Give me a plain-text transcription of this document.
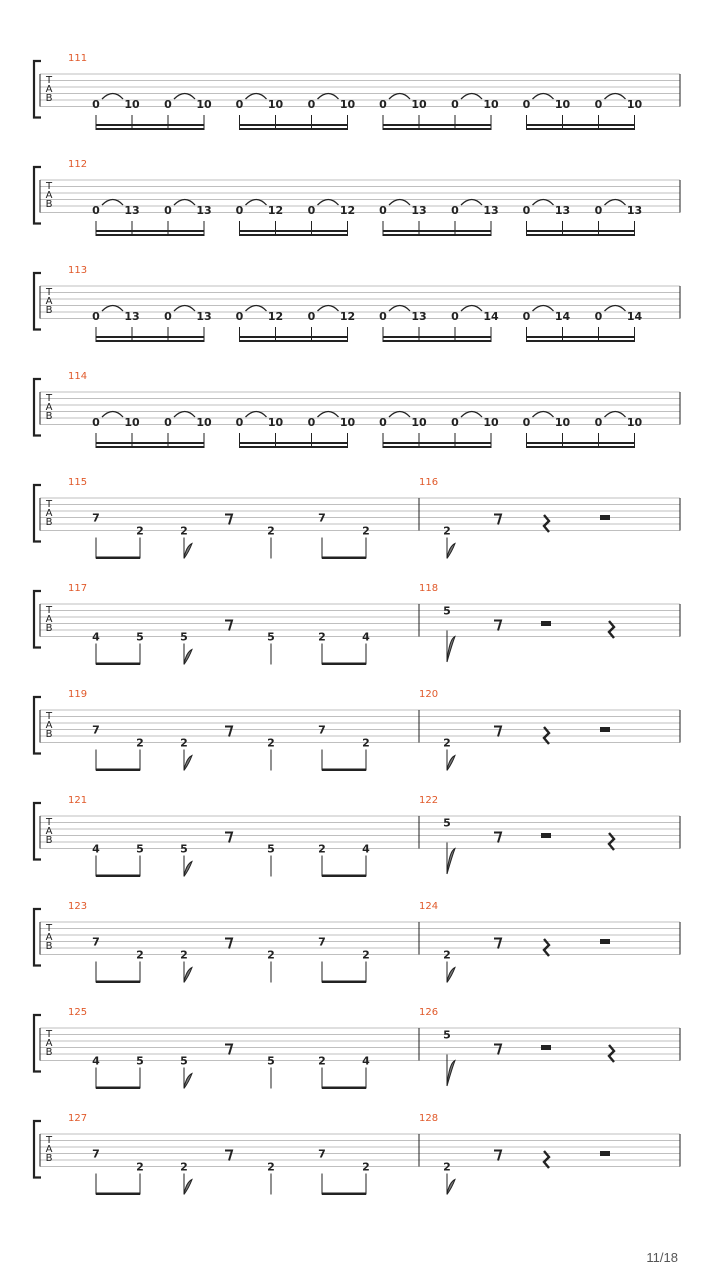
T
A
B
111
0 10 0 10 0 10 0 10 0 10 0 10 0 10 0 10
T
A
B
112
0 13 0 13 0 12 0 12 0 13 0 13 0 13 0 13
T
A
B
113
0 13 0 13 0 12 0 12 0 13 0 14 0 14 0 14
T
A
B
114
0 10 0 10 0 10 0 10 0 10 0 10 0 10 0 10
T
A
B
115
7
2	2	2
7
2
116
2
T
A
B
117
4	5	5	5	2	4
118
5
T
A
B
119
7
2	2	2
7
2
120
2
T
A
B
121
4	5	5	5	2	4
122
5
T
A
B
123
7
2	2	2
7
2
124
2
T
A
B
125
4	5	5	5	2	4
126
5
T
A
B
127
7
2	2	2
7
2
128
2
11/18
